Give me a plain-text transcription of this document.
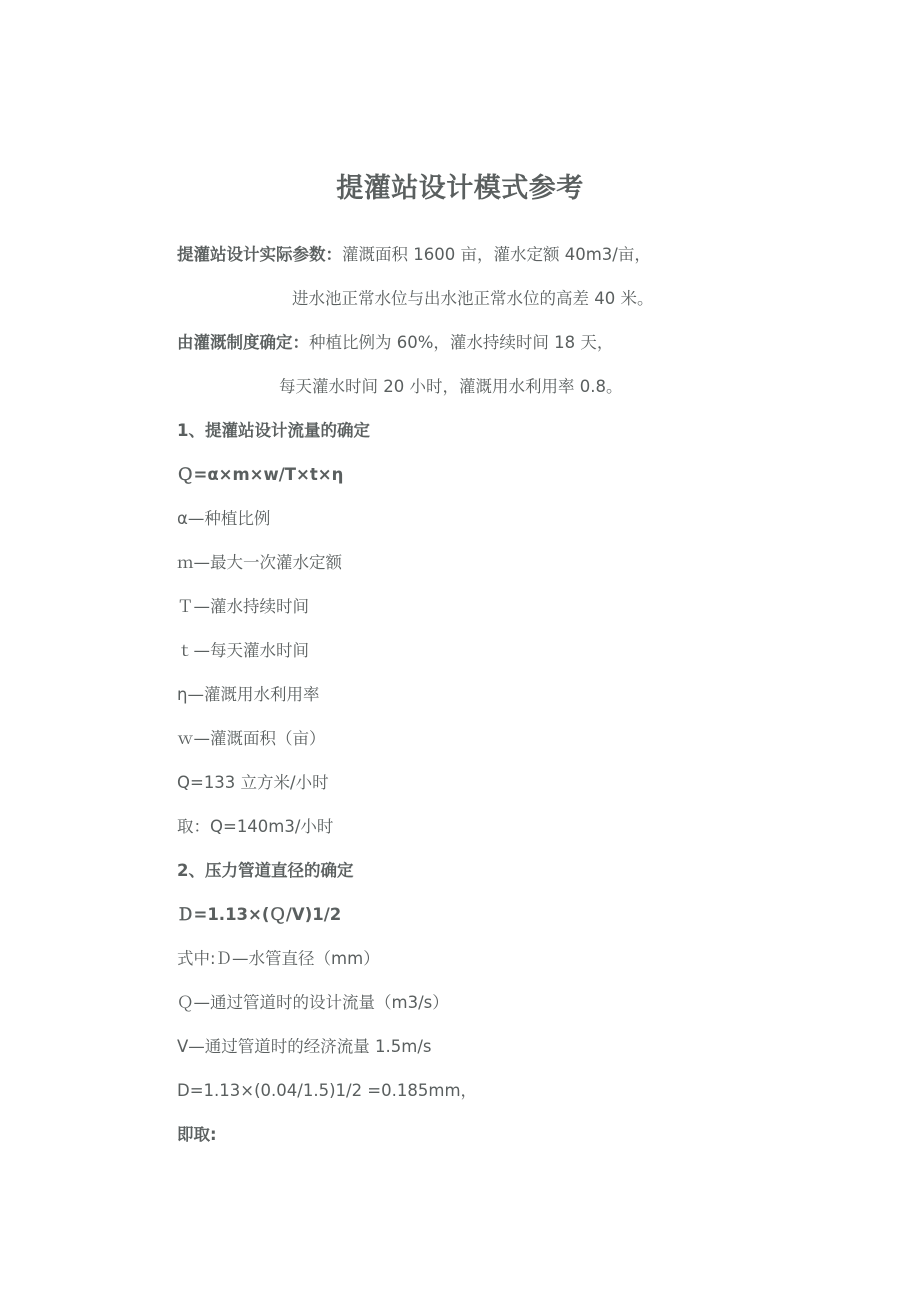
提灌站设计模式参考
提灌站设计实际参数：灌溉面积 1600 亩，灌水定额 40m3/亩，
进水池正常水位与出水池正常水位的高差 40 米。
由灌溉制度确定：种植比例为 60%，灌水持续时间 18 天，
每天灌水时间 20 小时，灌溉用水利用率 0.8。
1、提灌站设计流量的确定
Ｑ=α×m×w/T×t×η
α—种植比例
ｍ—最大一次灌水定额
Ｔ—灌水持续时间
ｔ—每天灌水时间
η—灌溉用水利用率
ｗ—灌溉面积（亩）
Q=133 立方米/小时
取：Q=140m3/小时
2、压力管道直径的确定
Ｄ=1.13×(Ｑ/V)1/2
式中:Ｄ—水管直径（mm）
Ｑ—通过管道时的设计流量（m3/s）
V—通过管道时的经济流量 1.5m/s
D=1.13×(0.04/1.5)1/2 =0.185mm，
即取:
